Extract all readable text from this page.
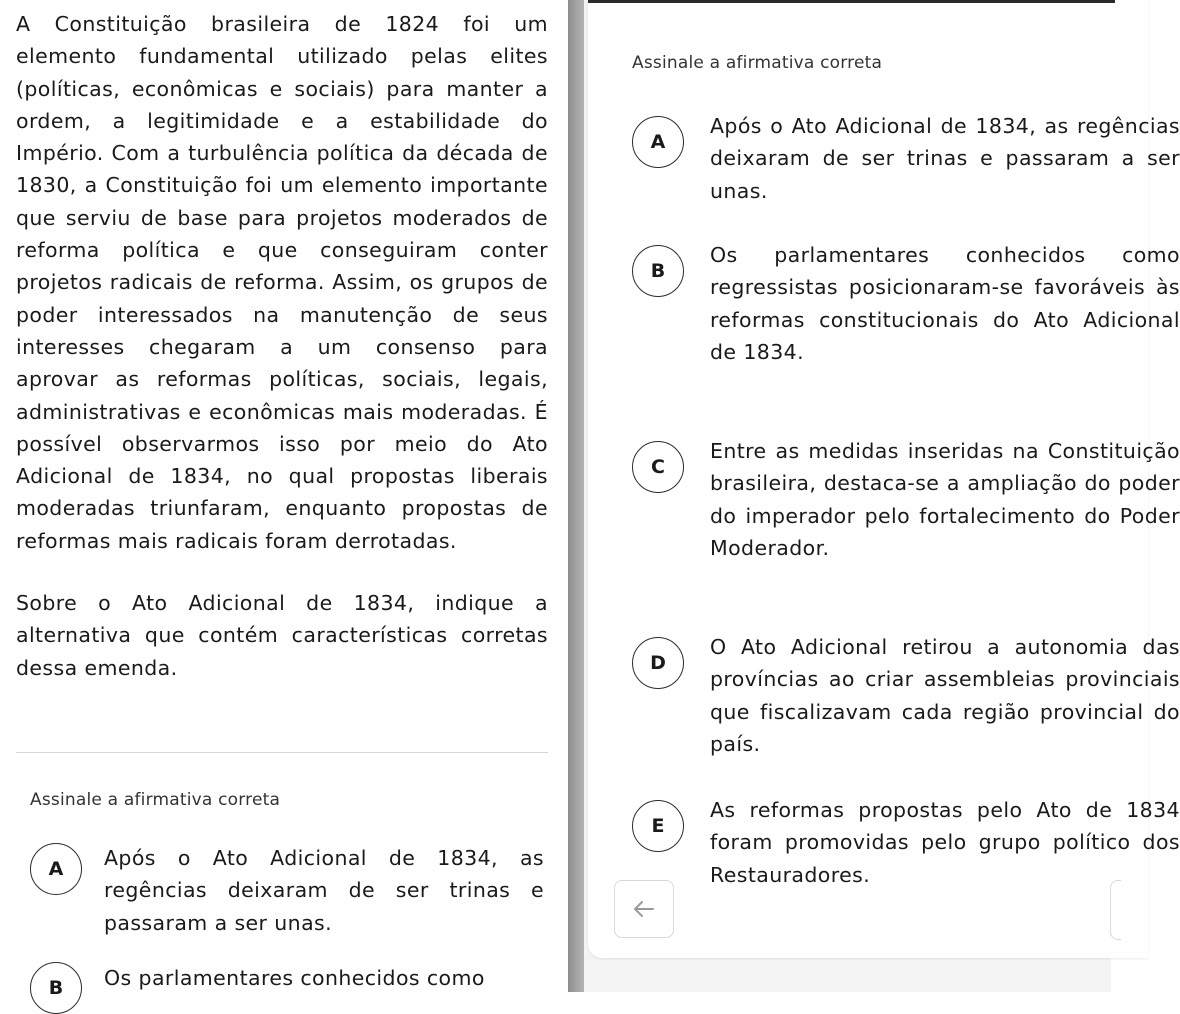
A Constituição brasileira de 1824 foi um elemento fundamental utilizado pelas elites (políticas, econômicas e sociais) para manter a ordem, a legitimidade e a estabilidade do Império. Com a turbulência política da década de 1830, a Constituição foi um elemento importante que serviu de base para projetos moderados de reforma política e que conseguiram conter projetos radicais de reforma. Assim, os grupos de poder interessados na manutenção de seus interesses chegaram a um consenso para aprovar as reformas políticas, sociais, legais, administrativas e econômicas mais moderadas. É possível observarmos isso por meio do Ato Adicional de 1834, no qual propostas liberais moderadas triunfaram, enquanto propostas de reformas mais radicais foram derrotadas.

Sobre o Ato Adicional de 1834, indique a alternativa que contém características corretas dessa emenda.

Assinale a afirmativa correta
A	Após o Ato Adicional de 1834, as regências deixaram de ser trinas e passaram a ser unas.
B	Os parlamentares conhecidos como
Assinale a afirmativa correta
A
Após o Ato Adicional de 1834, as regências deixaram de ser trinas e passaram a ser unas.
B
Os parlamentares conhecidos como regressistas posicionaram-se favoráveis às reformas constitucionais do Ato Adicional de 1834.
C
Entre as medidas inseridas na Constituição brasileira, destaca-se a ampliação do poder do imperador pelo fortalecimento do Poder Moderador.
D
O Ato Adicional retirou a autonomia das províncias ao criar assembleias provinciais que fiscalizavam cada região provincial do país.
E
As reformas propostas pelo Ato de 1834 foram promovidas pelo grupo político dos Restauradores.
